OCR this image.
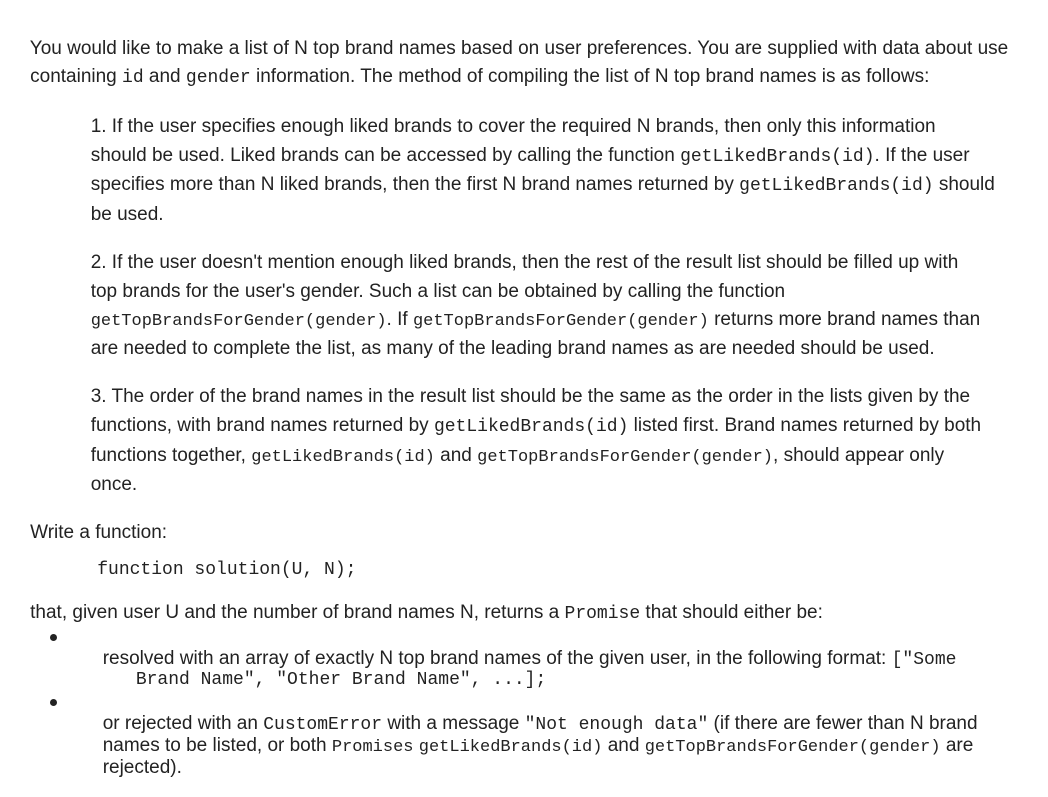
You would like to make a list of N top brand names based on user preferences. You are supplied with data about use

containing id and gender information. The method of compiling the list of N top brand names is as follows:

1. If the user specifies enough liked brands to cover the required N brands, then only this information

should be used. Liked brands can be accessed by calling the function getLikedBrands(id). If the user

specifies more than N liked brands, then the first N brand names returned by getLikedBrands(id) should

be used.

2. If the user doesn't mention enough liked brands, then the rest of the result list should be filled up with

top brands for the user's gender. Such a list can be obtained by calling the function

getTopBrandsForGender(gender). If getTopBrandsForGender(gender) returns more brand names than

are needed to complete the list, as many of the leading brand names as are needed should be used.

3. The order of the brand names in the result list should be the same as the order in the lists given by the

functions, with brand names returned by getLikedBrands(id) listed first. Brand names returned by both

functions together, getLikedBrands(id) and getTopBrandsForGender(gender), should appear only

once.

Write a function:

function solution(U, N);

that, given user U and the number of brand names N, returns a Promise that should either be:

resolved with an array of exactly N top brand names of the given user, in the following format: ["Some

Brand Name", "Other Brand Name", ...];

or rejected with an CustomError with a message "Not enough data" (if there are fewer than N brand

names to be listed, or both Promises getLikedBrands(id) and getTopBrandsForGender(gender) are

rejected).
